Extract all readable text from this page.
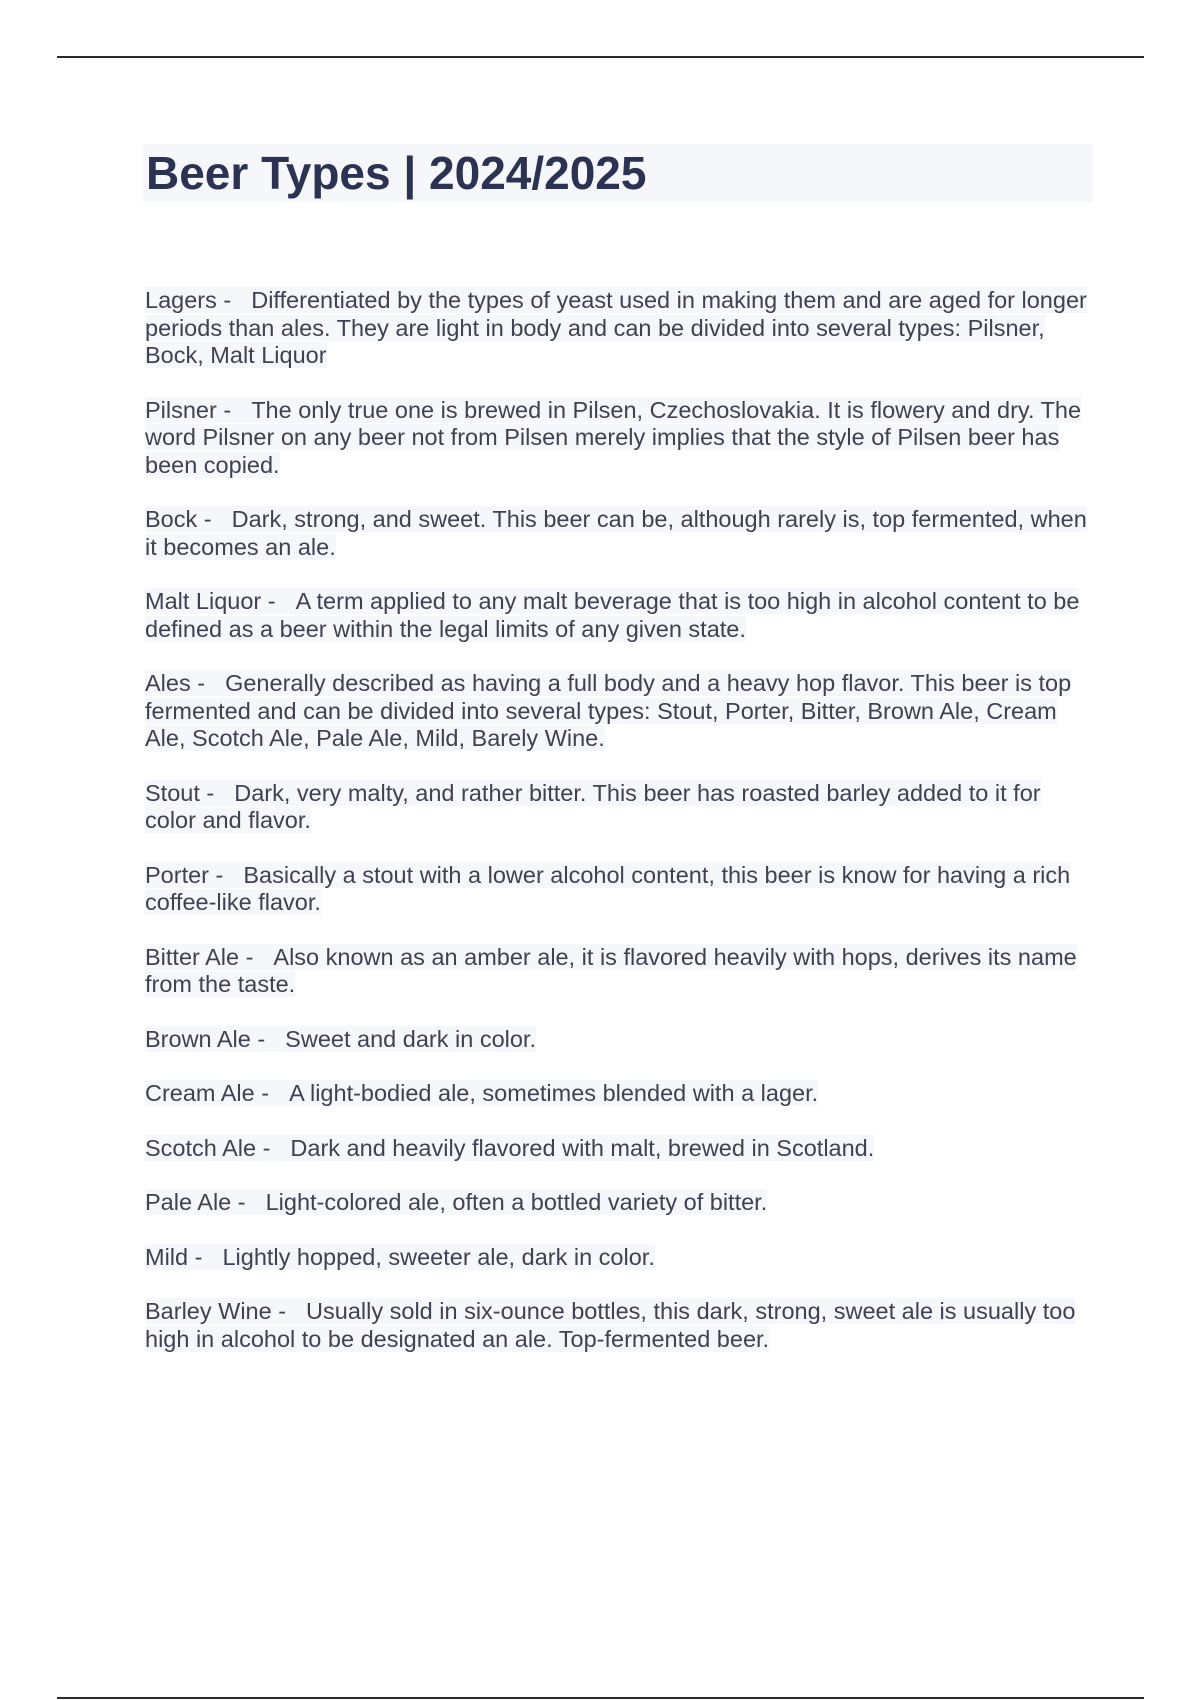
Beer Types | 2024/2025

Lagers - Differentiated by the types of yeast used in making them and are aged for longer periods than ales. They are light in body and can be divided into several types: Pilsner, Bock, Malt Liquor

Pilsner - The only true one is brewed in Pilsen, Czechoslovakia. It is flowery and dry. The word Pilsner on any beer not from Pilsen merely implies that the style of Pilsen beer has been copied.

Bock - Dark, strong, and sweet. This beer can be, although rarely is, top fermented, when it becomes an ale.

Malt Liquor - A term applied to any malt beverage that is too high in alcohol content to be defined as a beer within the legal limits of any given state.

Ales - Generally described as having a full body and a heavy hop flavor. This beer is top fermented and can be divided into several types: Stout, Porter, Bitter, Brown Ale, Cream Ale, Scotch Ale, Pale Ale, Mild, Barely Wine.

Stout - Dark, very malty, and rather bitter. This beer has roasted barley added to it for color and flavor.

Porter - Basically a stout with a lower alcohol content, this beer is know for having a rich coffee-like flavor.

Bitter Ale - Also known as an amber ale, it is flavored heavily with hops, derives its name from the taste.

Brown Ale - Sweet and dark in color.

Cream Ale - A light-bodied ale, sometimes blended with a lager.

Scotch Ale - Dark and heavily flavored with malt, brewed in Scotland.

Pale Ale - Light-colored ale, often a bottled variety of bitter.

Mild - Lightly hopped, sweeter ale, dark in color.

Barley Wine - Usually sold in six-ounce bottles, this dark, strong, sweet ale is usually too high in alcohol to be designated an ale. Top-fermented beer.
